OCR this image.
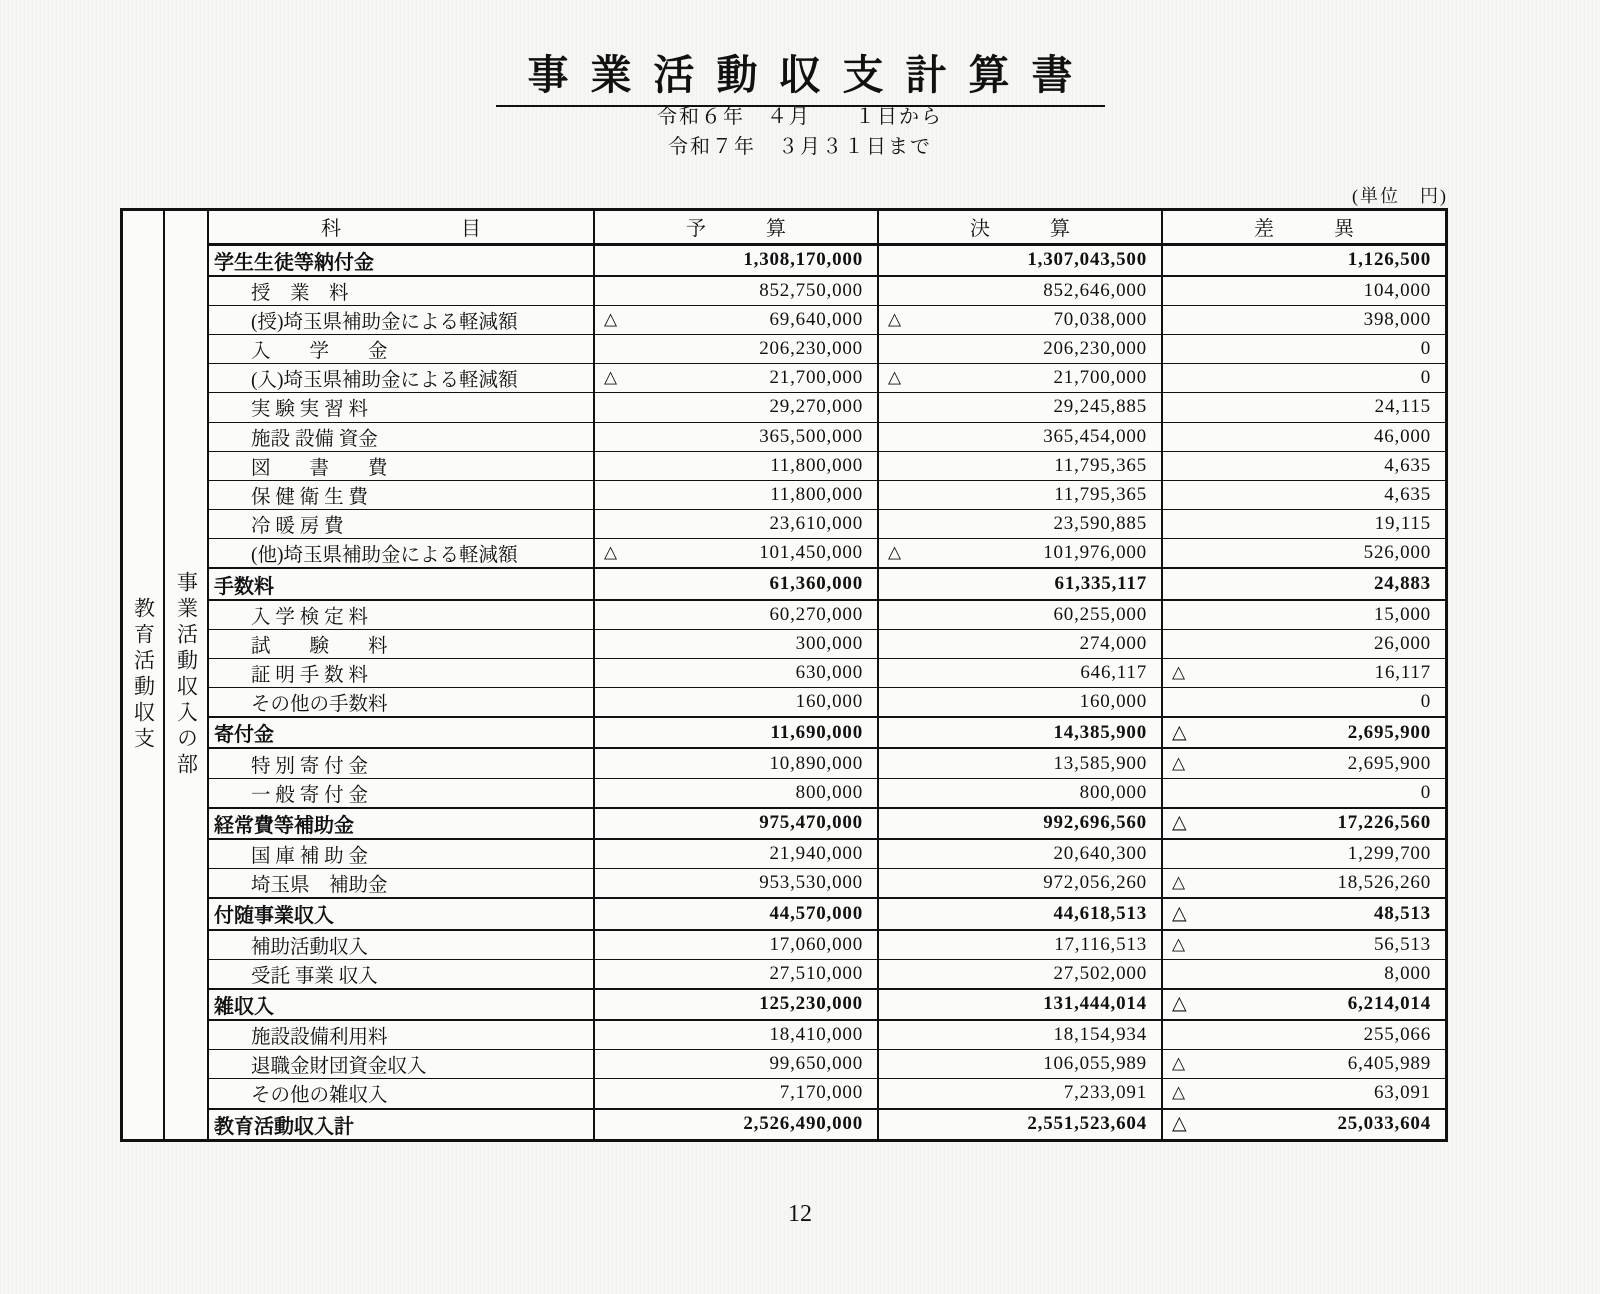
事業活動収支計算書
令和６年　４月　　１日から
令和７年　３月３１日まで
(単位　円)
教育活動収支 事業活動収入の部
科　　　　　　目	予　　　算	決　　　算	差　　　異
学生生徒等納付金	1,308,170,000	1,307,043,500	1,126,500
授　業　料	852,750,000	852,646,000	104,000
(授)埼玉県補助金による軽減額	△ 69,640,000	△ 70,038,000	398,000
入　　学　　金	206,230,000	206,230,000	0
(入)埼玉県補助金による軽減額	△ 21,700,000	△ 21,700,000	0
実 験 実 習 料	29,270,000	29,245,885	24,115
施設 設備 資金	365,500,000	365,454,000	46,000
図　　書　　費	11,800,000	11,795,365	4,635
保 健 衛 生 費	11,800,000	11,795,365	4,635
冷 暖 房 費	23,610,000	23,590,885	19,115
(他)埼玉県補助金による軽減額	△ 101,450,000	△ 101,976,000	526,000
手数料	61,360,000	61,335,117	24,883
入 学 検 定 料	60,270,000	60,255,000	15,000
試　　験　　料	300,000	274,000	26,000
証 明 手 数 料	630,000	646,117	△ 16,117
その他の手数料	160,000	160,000	0
寄付金	11,690,000	14,385,900	△ 2,695,900
特 別 寄 付 金	10,890,000	13,585,900	△ 2,695,900
一 般 寄 付 金	800,000	800,000	0
経常費等補助金	975,470,000	992,696,560	△ 17,226,560
国 庫 補 助 金	21,940,000	20,640,300	1,299,700
埼玉県　補助金	953,530,000	972,056,260	△ 18,526,260
付随事業収入	44,570,000	44,618,513	△ 48,513
補助活動収入	17,060,000	17,116,513	△ 56,513
受託 事業 収入	27,510,000	27,502,000	8,000
雑収入	125,230,000	131,444,014	△ 6,214,014
施設設備利用料	18,410,000	18,154,934	255,066
退職金財団資金収入	99,650,000	106,055,989	△ 6,405,989
その他の雑収入	7,170,000	7,233,091	△ 63,091
教育活動収入計	2,526,490,000	2,551,523,604	△ 25,033,604
12
